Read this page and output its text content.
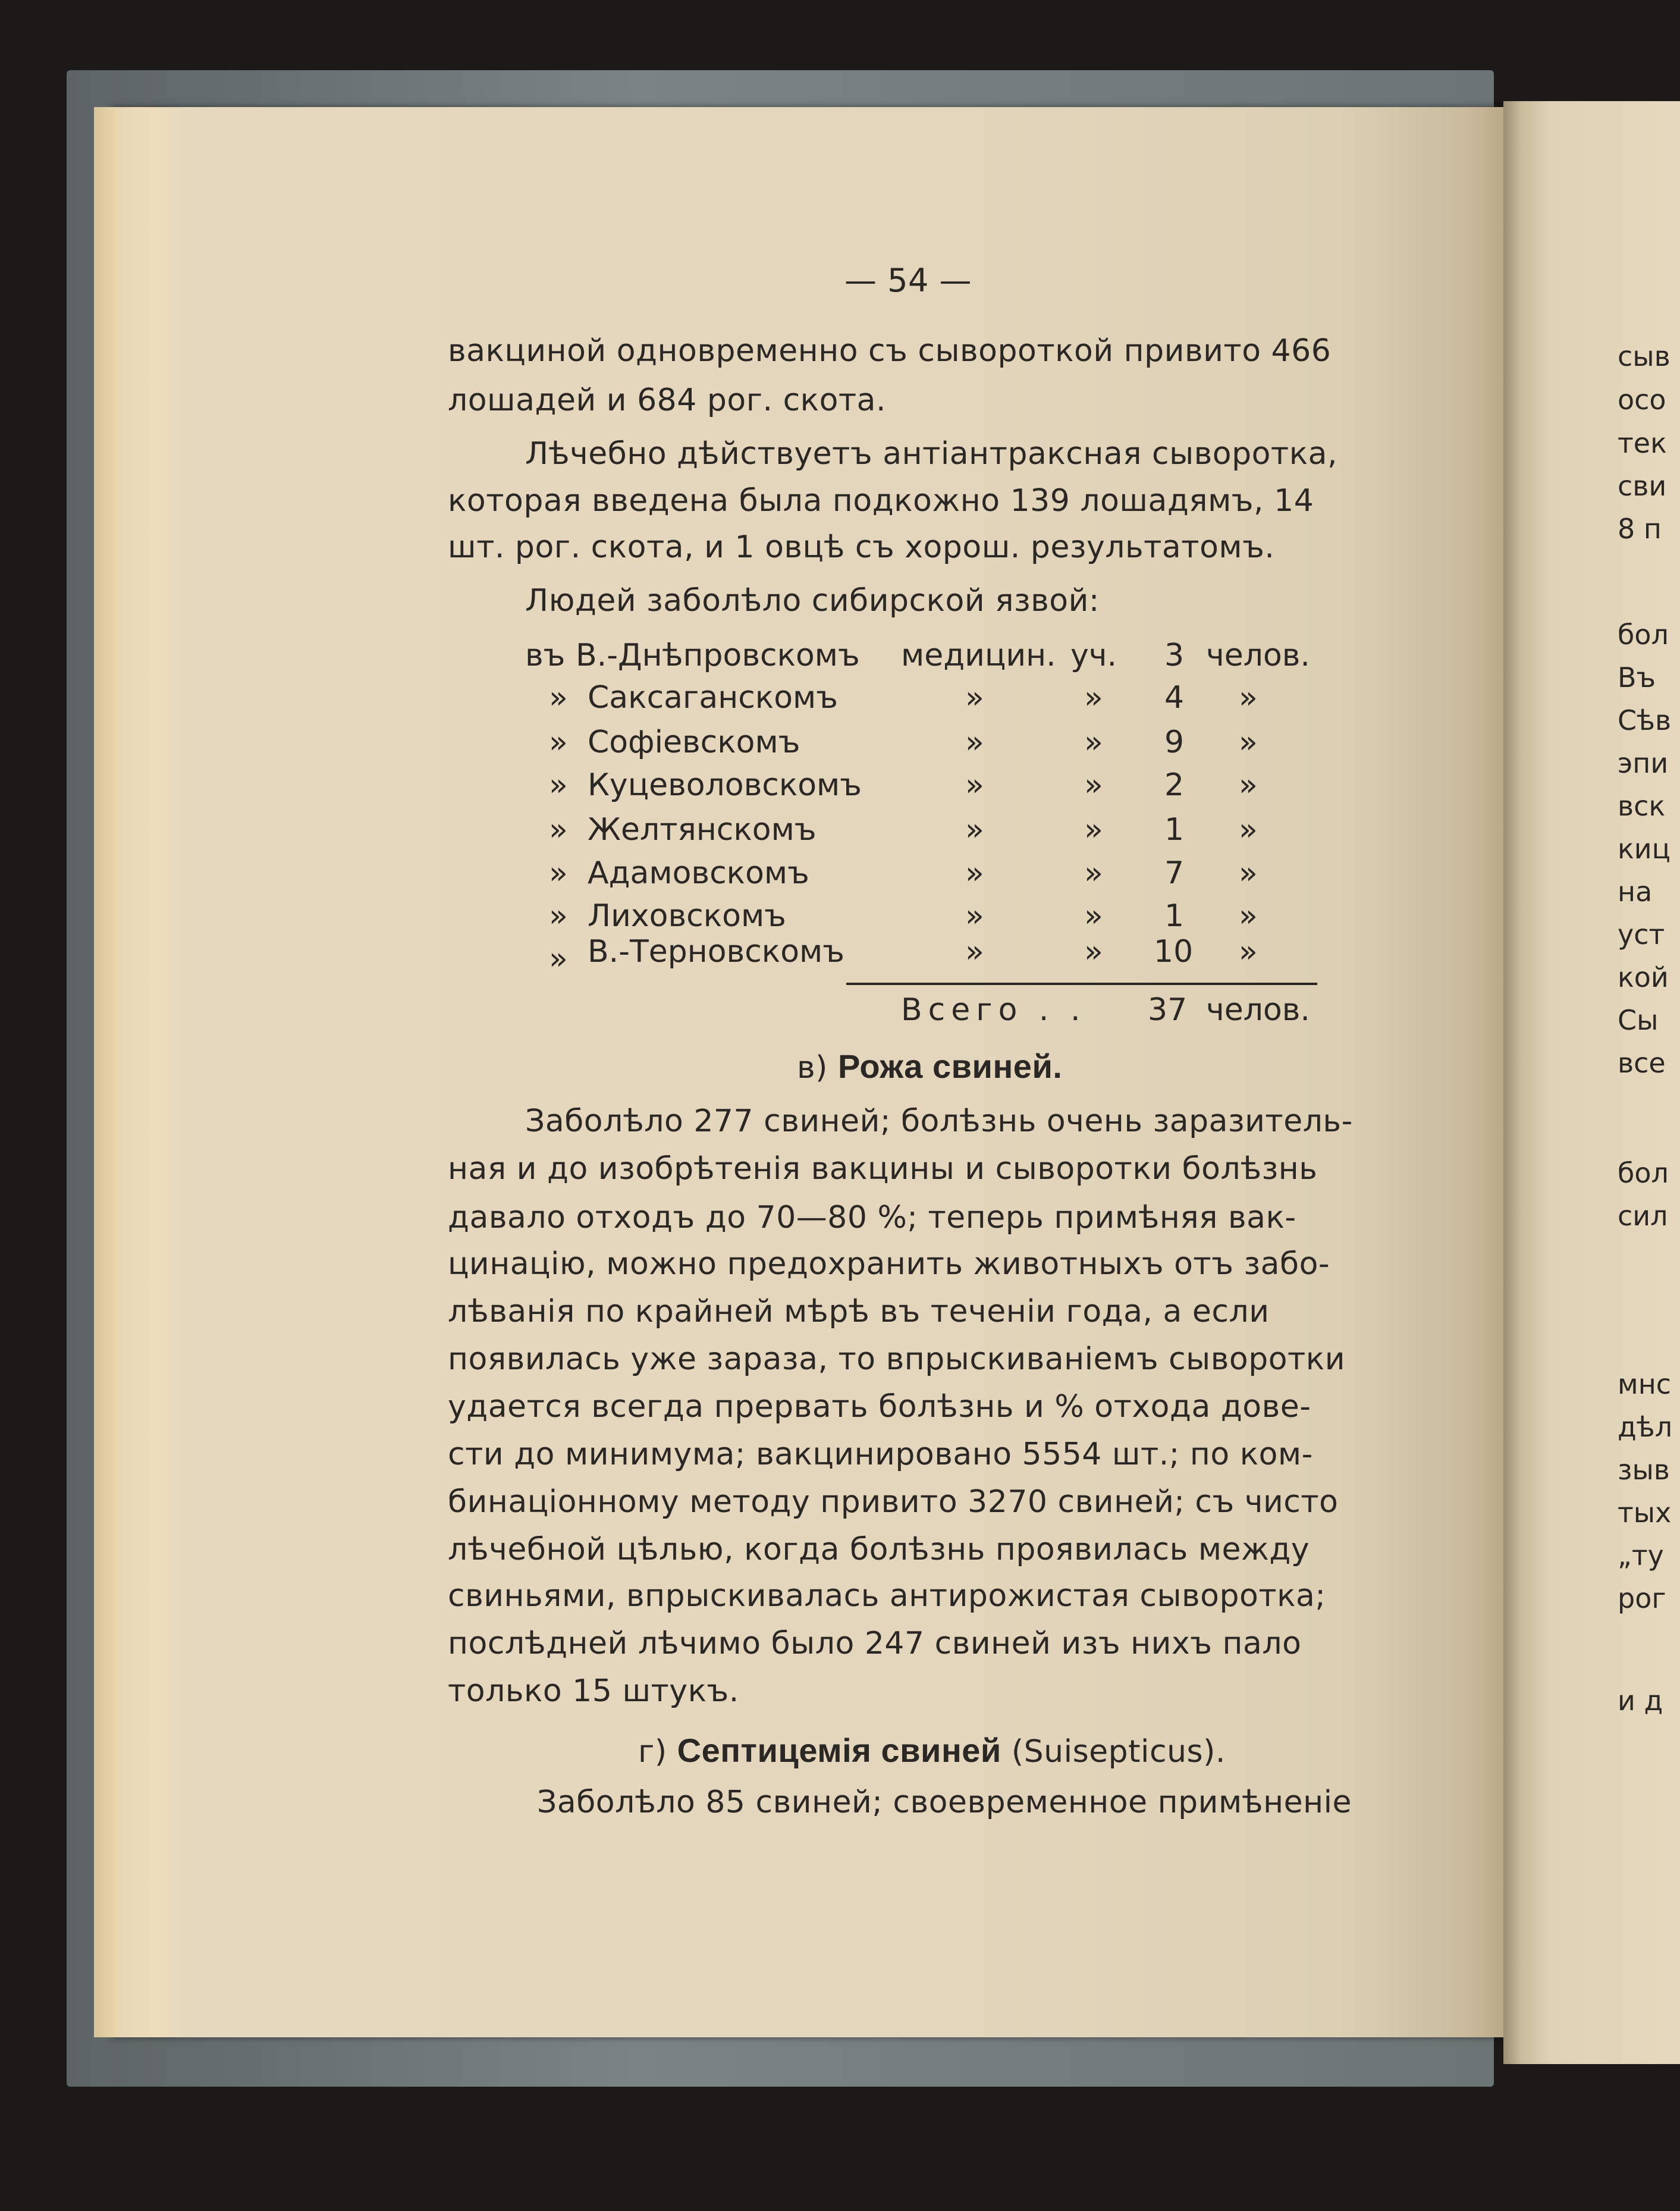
— 54 —
вакциной одновременно съ сывороткой привито 466
лошадей и 684 рог. скота.
Лѣчебно дѣйствуетъ антіантраксная сыворотка,
которая введена была подкожно 139 лошадямъ, 14
шт. рог. скота, и 1 овцѣ съ хорош. результатомъ.
Людей заболѣло сибирской язвой:
въ В.-Днѣпровскомъ медицин. уч. 3 челов.
» Саксаганскомъ	»	» 4 »
» Софіевскомъ	»	» 9 »
» Куцеволовскомъ	»	» 2 »
» Желтянскомъ	»	» 1 »
» Адамовскомъ	»	» 7 »
» Лиховскомъ	»	» 1 »
» В.-Терновскомъ	»	» 10 »
Всего . . 37 челов.
в) Рожа свиней.
Заболѣло 277 свиней; болѣзнь очень заразитель-
ная и до изобрѣтенія вакцины и сыворотки болѣзнь
давало отходъ до 70—80 %; теперь примѣняя вак-
цинацію, можно предохранить животныхъ отъ забо-
лѣванія по крайней мѣрѣ въ теченіи года, а если
появилась уже зараза, то впрыскиваніемъ сыворотки
удается всегда прервать болѣзнь и % отхода дове-
сти до минимума; вакцинировано 5554 шт.; по ком-
бинаціонному методу привито 3270 свиней; съ чисто
лѣчебной цѣлью, когда болѣзнь проявилась между
свиньями, впрыскивалась антирожистая сыворотка;
послѣдней лѣчимо было 247 свиней изъ нихъ пало
только 15 штукъ.
г) Септицемія свиней (Suisepticus).
Заболѣло 85 свиней; своевременное примѣненіе
сыв
осо
тек
сви
8 п
бол
Въ
Сѣв
эпи
вск
киц
на
уст
кой
Сы
все
бол
сил
мнс
дѣл
зыв
тых
„ту
рог
и д
